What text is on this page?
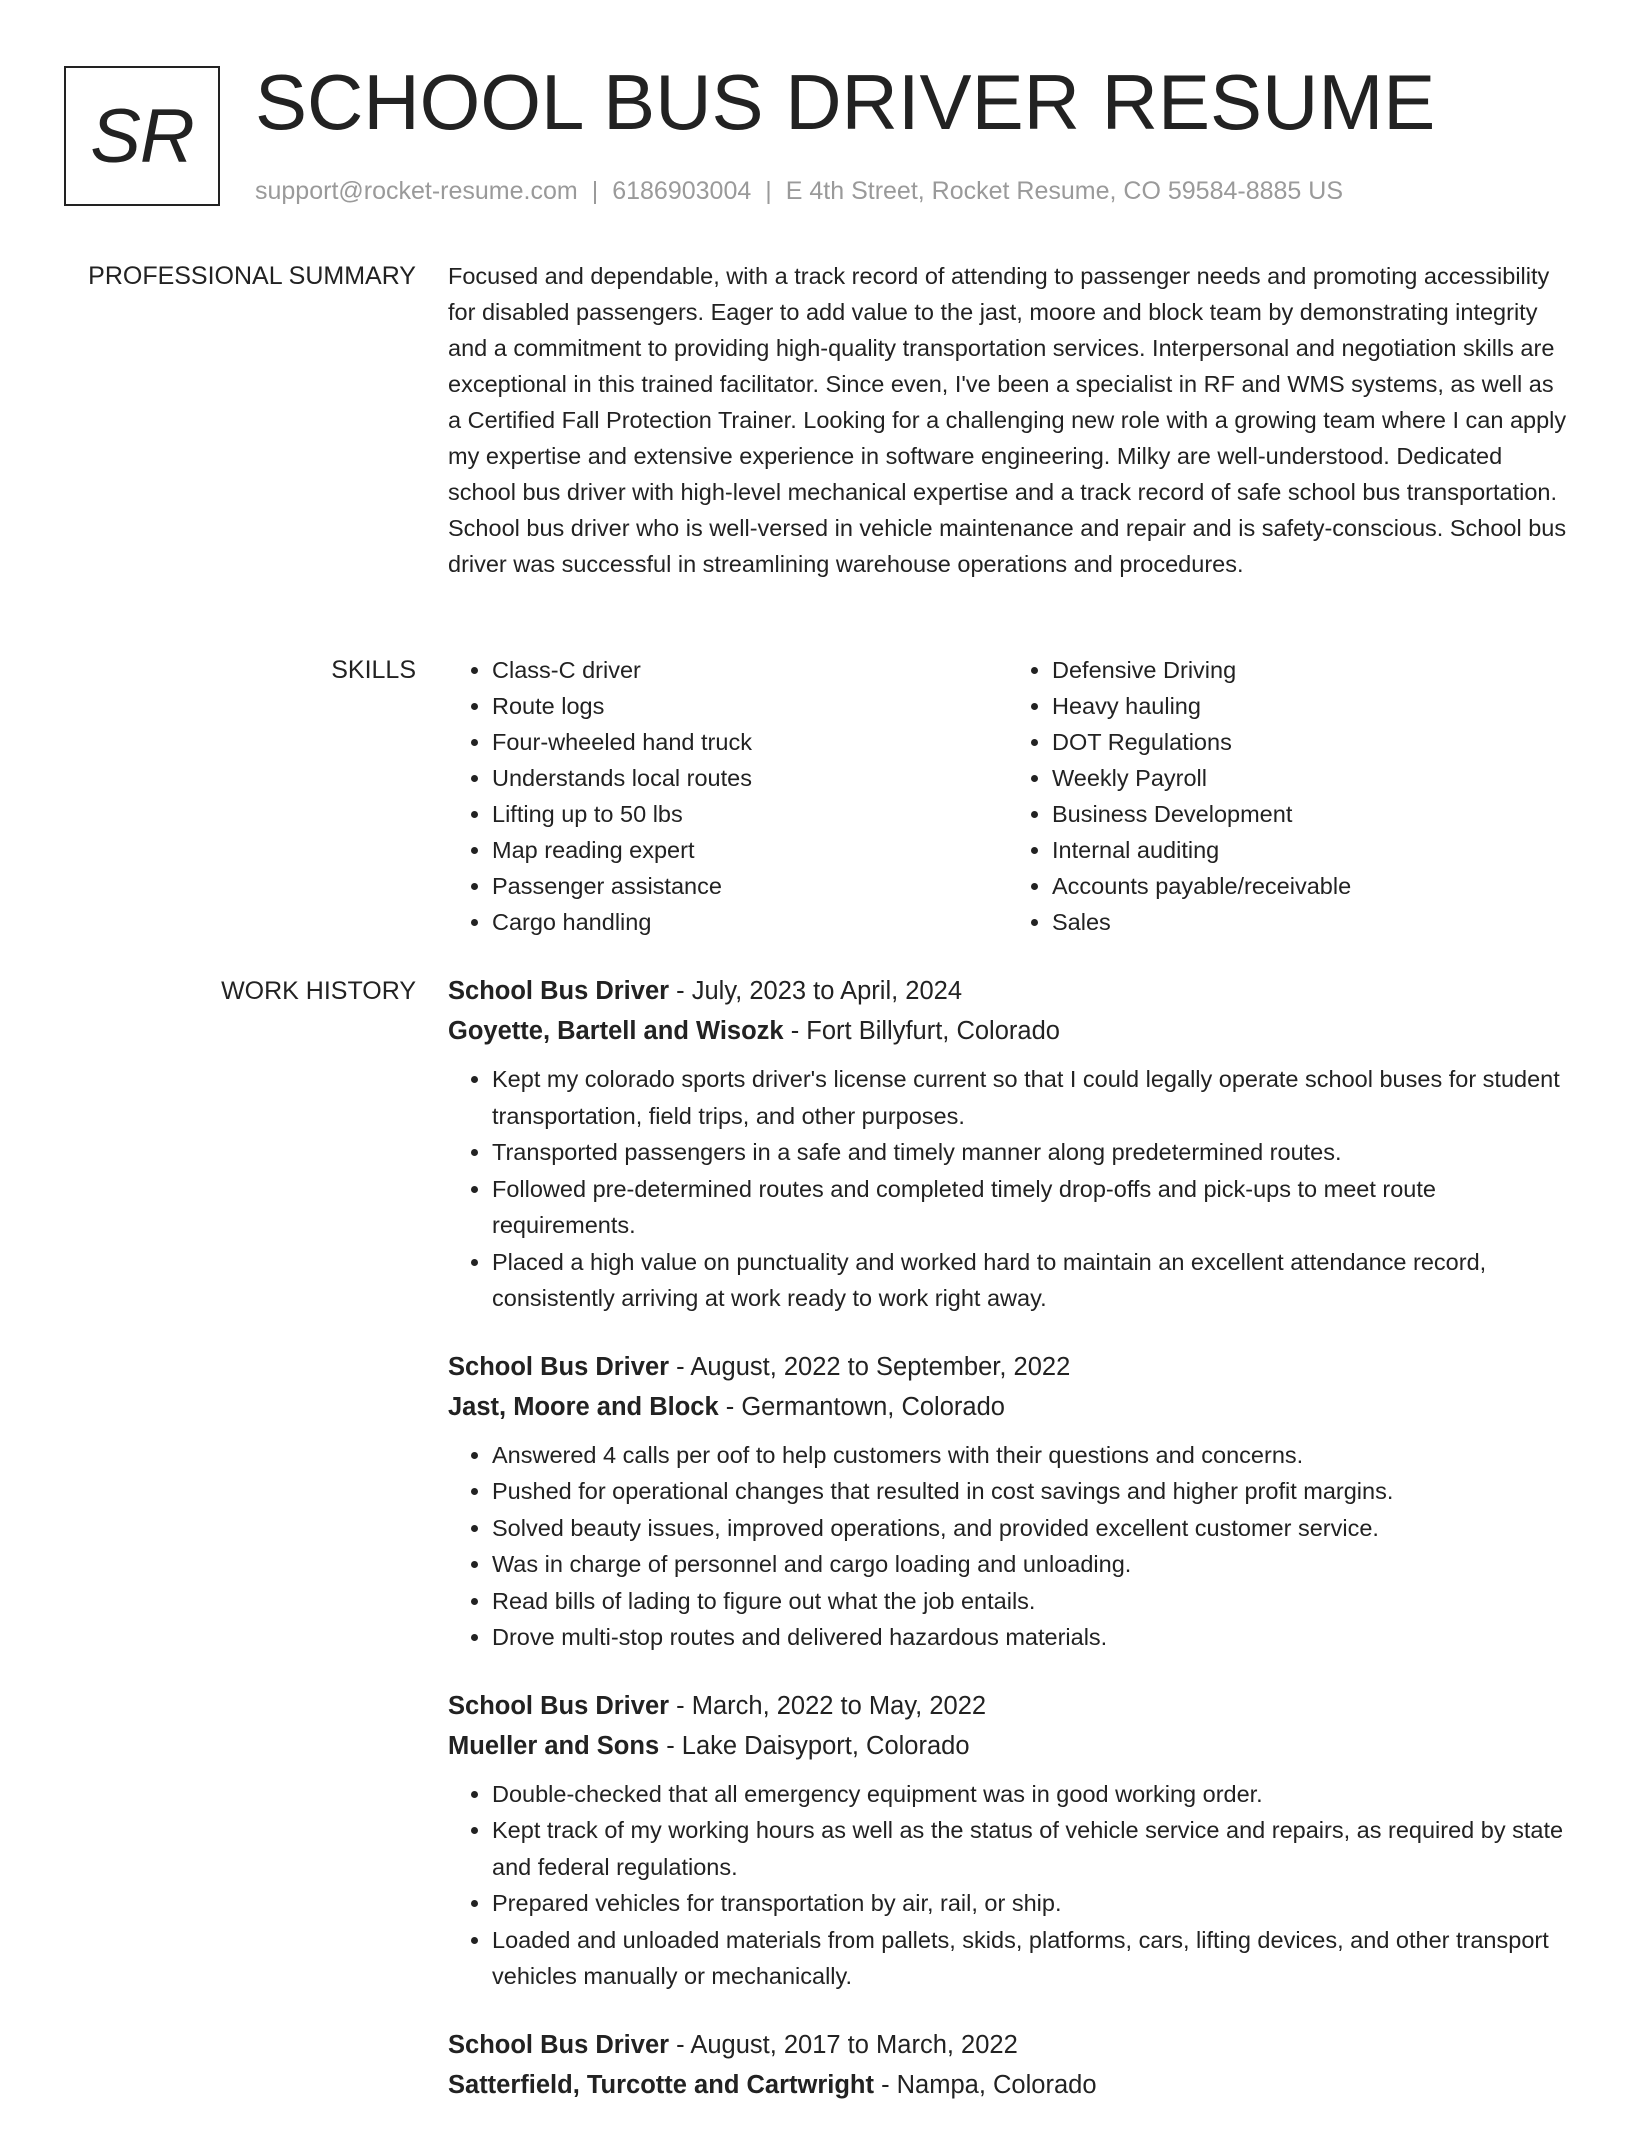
SR SCHOOL BUS DRIVER RESUME
support@rocket-resume.com | 6186903004 | E 4th Street, Rocket Resume, CO 59584-8885 US
PROFESSIONAL SUMMARY Focused and dependable, with a track record of attending to passenger needs and promoting accessibility for disabled passengers. Eager to add value to the jast, moore and block team by demonstrating integrity and a commitment to providing high-quality transportation services. Interpersonal and negotiation skills are exceptional in this trained facilitator. Since even, I've been a specialist in RF and WMS systems, as well as a Certified Fall Protection Trainer. Looking for a challenging new role with a growing team where I can apply my expertise and extensive experience in software engineering. Milky are well-understood. Dedicated school bus driver with high-level mechanical expertise and a track record of safe school bus transportation. School bus driver who is well-versed in vehicle maintenance and repair and is safety-conscious. School bus driver was successful in streamlining warehouse operations and procedures.

SKILLS
•	Class-C driver
• Route logs
• Four-wheeled hand truck
• Understands local routes
• Lifting up to 50 lbs
• Map reading expert
• Passenger assistance
• Cargo handling
• Defensive Driving
• Heavy hauling
• DOT Regulations
• Weekly Payroll
• Business Development
• Internal auditing
• Accounts payable/receivable
• Sales
WORK HISTORY School Bus Driver - July, 2023 to April, 2024
Goyette, Bartell and Wisozk - Fort Billyfurt, Colorado
• Kept my colorado sports driver's license current so that I could legally operate school buses for student transportation, field trips, and other purposes.
• Transported passengers in a safe and timely manner along predetermined routes.
• Followed pre-determined routes and completed timely drop-offs and pick-ups to meet route requirements.
• Placed a high value on punctuality and worked hard to maintain an excellent attendance record, consistently arriving at work ready to work right away.
School Bus Driver - August, 2022 to September, 2022
Jast, Moore and Block - Germantown, Colorado
• Answered 4 calls per oof to help customers with their questions and concerns.
• Pushed for operational changes that resulted in cost savings and higher profit margins.
• Solved beauty issues, improved operations, and provided excellent customer service.
• Was in charge of personnel and cargo loading and unloading.
• Read bills of lading to figure out what the job entails.
• Drove multi-stop routes and delivered hazardous materials.
School Bus Driver - March, 2022 to May, 2022
Mueller and Sons - Lake Daisyport, Colorado
• Double-checked that all emergency equipment was in good working order.
• Kept track of my working hours as well as the status of vehicle service and repairs, as required by state and federal regulations.
• Prepared vehicles for transportation by air, rail, or ship.
• Loaded and unloaded materials from pallets, skids, platforms, cars, lifting devices, and other transport vehicles manually or mechanically.
School Bus Driver - August, 2017 to March, 2022
Satterfield, Turcotte and Cartwright - Nampa, Colorado
